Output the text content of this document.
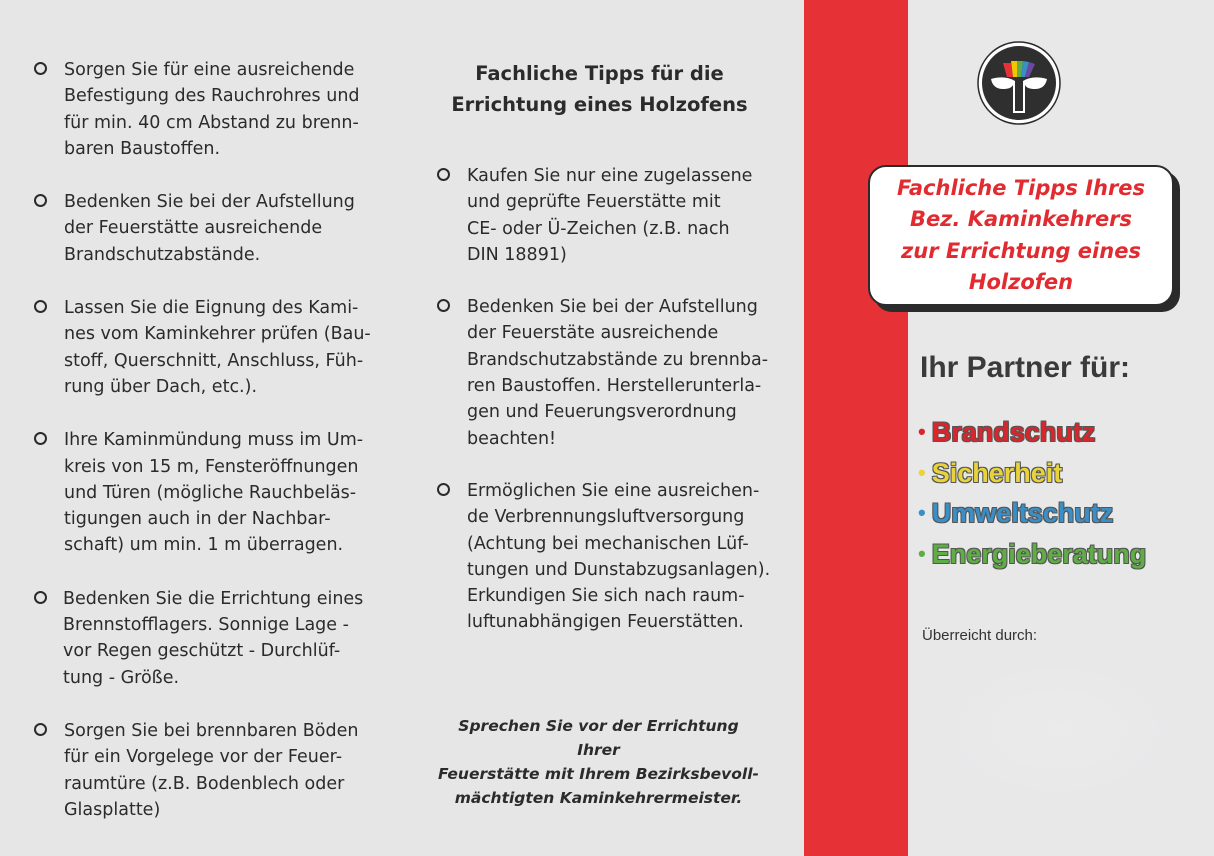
Sorgen Sie für eine ausreichende
Befestigung des Rauchrohres und
für min. 40 cm Abstand zu brenn-
baren Baustoffen.
Bedenken Sie bei der Aufstellung
der Feuerstätte ausreichende
Brandschutzabstände.
Lassen Sie die Eignung des Kami-
nes vom Kaminkehrer prüfen (Bau-
stoff, Querschnitt, Anschluss, Füh-
rung über Dach, etc.).
Ihre Kaminmündung muss im Um-
kreis von 15 m, Fensteröffnungen
und Türen (mögliche Rauchbeläs-
tigungen auch in der Nachbar-
schaft) um min. 1 m überragen.
Bedenken Sie die Errichtung eines
Brennstofflagers. Sonnige Lage -
vor Regen geschützt - Durchlüf-
tung - Größe.
Sorgen Sie bei brennbaren Böden
für ein Vorgelege vor der Feuer-
raumtüre (z.B. Bodenblech oder
Glasplatte)
Fachliche Tipps für die
Errichtung eines Holzofens
Kaufen Sie nur eine zugelassene
und geprüfte Feuerstätte mit
CE- oder Ü-Zeichen (z.B. nach
DIN 18891)
Bedenken Sie bei der Aufstellung
der Feuerstäte ausreichende
Brandschutzabstände zu brennba-
ren Baustoffen. Herstellerunterla-
gen und Feuerungsverordnung
beachten!
Ermöglichen Sie eine ausreichen-
de Verbrennungsluftversorgung
(Achtung bei mechanischen Lüf-
tungen und Dunstabzugsanlagen).
Erkundigen Sie sich nach raum-
luftunabhängigen Feuerstätten.
Sprechen Sie vor der Errichtung Ihrer
Feuerstätte mit Ihrem Bezirksbevoll-
mächtigten Kaminkehrermeister.
Fachliche Tipps Ihres
Bez. Kaminkehrers
zur Errichtung eines
Holzofen
Ihr Partner für:
• Brandschutz
• Sicherheit
• Umweltschutz
• Energieberatung
Überreicht durch:
